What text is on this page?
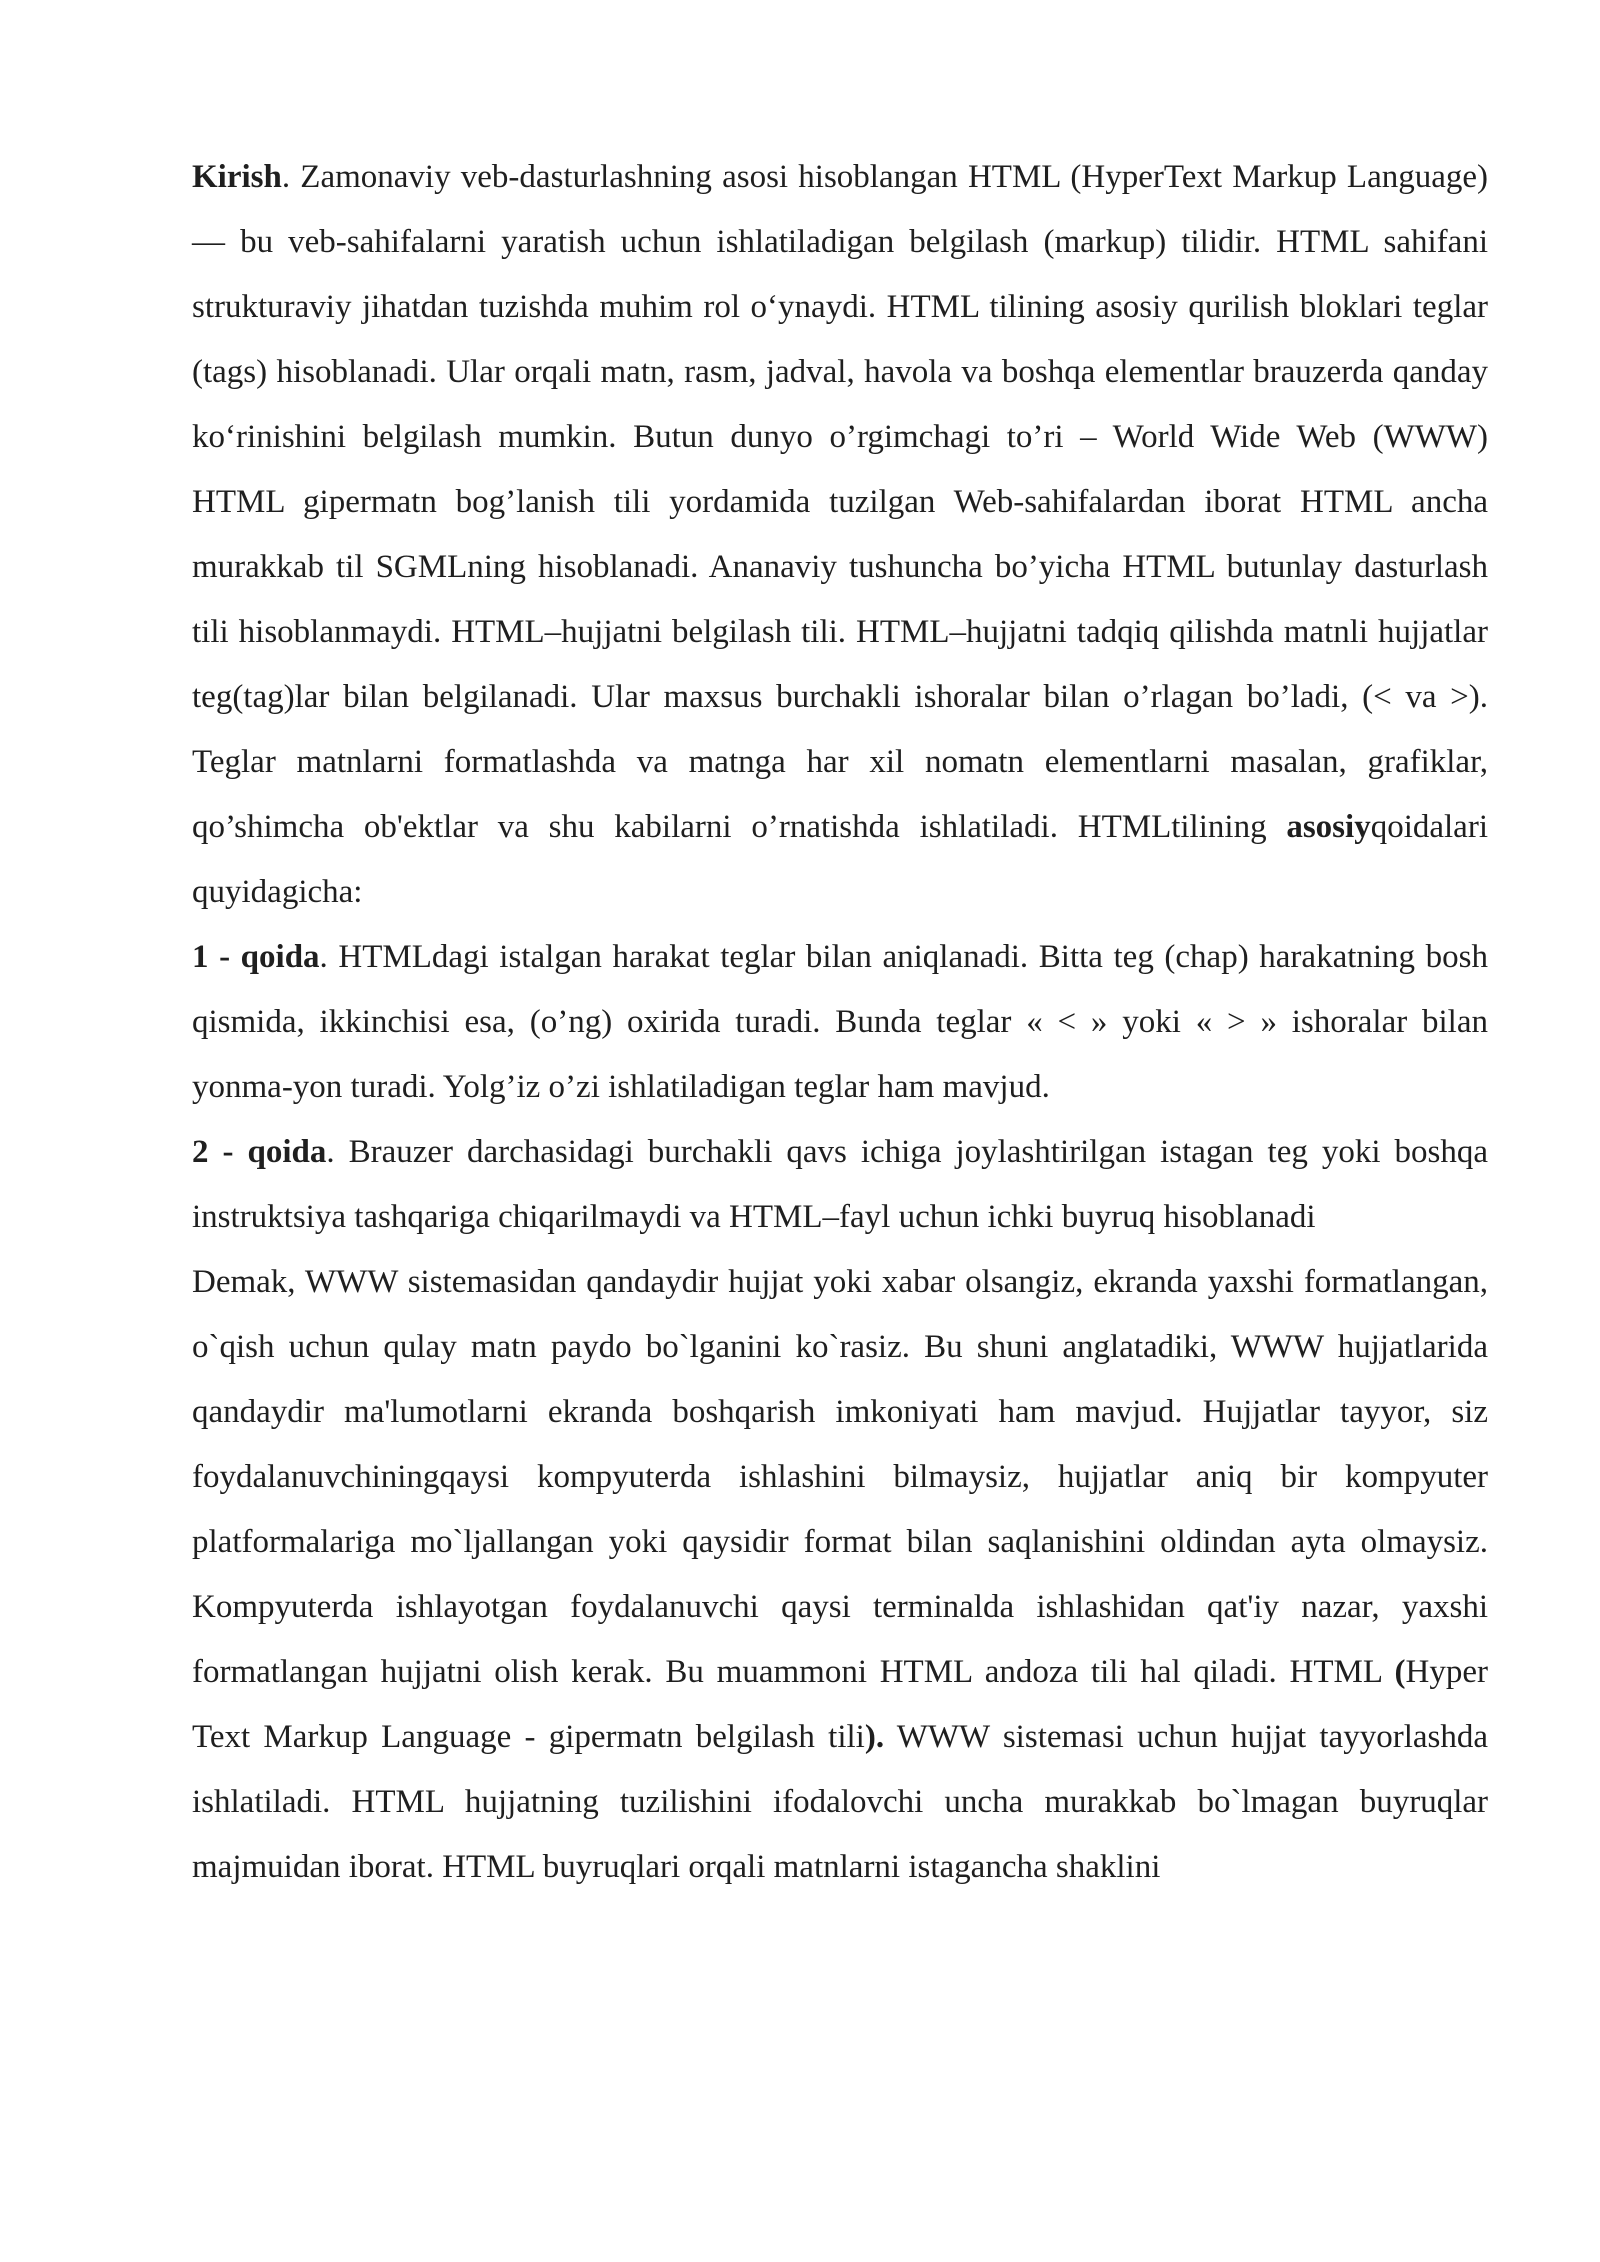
Kirish. Zamonaviy veb-dasturlashning asosi hisoblangan HTML (HyperText Markup Language) — bu veb-sahifalarni yaratish uchun ishlatiladigan belgilash (markup) tilidir. HTML sahifani strukturaviy jihatdan tuzishda muhim rol o‘ynaydi. HTML tilining asosiy qurilish bloklari teglar (tags) hisoblanadi. Ular orqali matn, rasm, jadval, havola va boshqa elementlar brauzerda qanday ko‘rinishini belgilash mumkin. Butun dunyo o’rgimchagi to’ri – World Wide Web (WWW) HTML gipermatn bog’lanish tili yordamida tuzilgan Web-sahifalardan iborat HTML ancha murakkab til SGMLning hisoblanadi. Ananaviy tushuncha bo’yicha HTML butunlay dasturlash tili hisoblanmaydi. HTML–hujjatni belgilash tili. HTML–hujjatni tadqiq qilishda matnli hujjatlar teg(tag)lar bilan belgilanadi. Ular maxsus burchakli ishoralar bilan o’rlagan bo’ladi, (< va >). Teglar matnlarni formatlashda va matnga har xil nomatn elementlarni masalan, grafiklar, qo’shimcha ob'ektlar va shu kabilarni o’rnatishda ishlatiladi. HTMLtilining asosiyqoidalari quyidagicha:

1 - qoida. HTMLdagi istalgan harakat teglar bilan aniqlanadi. Bitta teg (chap) harakatning bosh qismida, ikkinchisi esa, (o’ng) oxirida turadi. Bunda teglar « < » yoki « > » ishoralar bilan yonma-yon turadi. Yolg’iz o’zi ishlatiladigan teglar ham mavjud.

2 - qoida. Brauzer darchasidagi burchakli qavs ichiga joylashtirilgan istagan teg yoki boshqa instruktsiya tashqariga chiqarilmaydi va HTML–fayl uchun ichki buyruq hisoblanadi

Demak, WWW sistemasidan qandaydir hujjat yoki xabar olsangiz, ekranda yaxshi formatlangan, o`qish uchun qulay matn paydo bo`lganini ko`rasiz. Bu shuni anglatadiki, WWW hujjatlarida qandaydir ma'lumotlarni ekranda boshqarish imkoniyati ham mavjud. Hujjatlar tayyor, siz foydalanuvchiningqaysi kompyuterda ishlashini bilmaysiz, hujjatlar aniq bir kompyuter platformalariga mo`ljallangan yoki qaysidir format bilan saqlanishini oldindan ayta olmaysiz. Kompyuterda ishlayotgan foydalanuvchi qaysi terminalda ishlashidan qat'iy nazar, yaxshi formatlangan hujjatni olish kerak. Bu muammoni HTML andoza tili hal qiladi. HTML (Hyper Text Markup Language - gipermatn belgilash tili). WWW sistemasi uchun hujjat tayyorlashda ishlatiladi. HTML hujjatning tuzilishini ifodalovchi uncha murakkab bo`lmagan buyruqlar majmuidan iborat. HTML buyruqlari orqali matnlarni istagancha shaklini
